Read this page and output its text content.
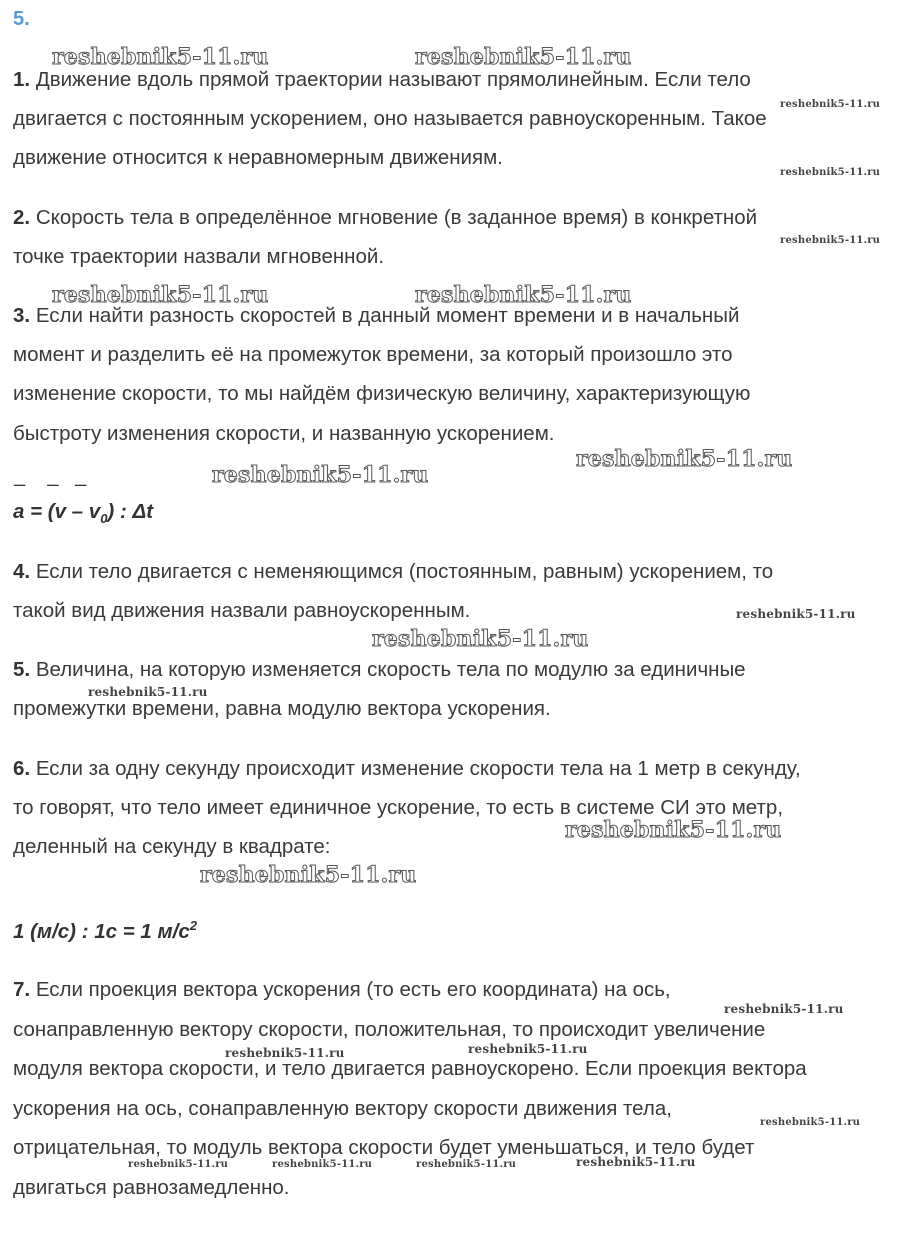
5.
1. Движение вдоль прямой траектории называют прямолинейным. Если тело
двигается с постоянным ускорением, оно называется равноускоренным. Такое
движение относится к неравномерным движениям.
2. Скорость тела в определённое мгновение (в заданное время) в конкретной
точке траектории назвали мгновенной.
3. Если найти разность скоростей в данный момент времени и в начальный
момент и разделить её на промежуток времени, за который произошло это
изменение скорости, то мы найдём физическую величину, характеризующую
быстроту изменения скорости, и названную ускорением.
_    _   _
$a = (v - v_0)$ : Δt
4. Если тело двигается с неменяющимся (постоянным, равным) ускорением, то
такой вид движения назвали равноускоренным.
5. Величина, на которую изменяется скорость тела по модулю за единичные
промежутки времени, равна модулю вектора ускорения.
6. Если за одну секунду происходит изменение скорости тела на 1 метр в секунду,
то говорят, что тело имеет единичное ускорение, то есть в системе СИ это метр,
деленный на секунду в квадрате:
1 (м/с) : 1с = 1 $м/с^2$
7. Если проекция вектора ускорения (то есть его координата) на ось,
сонаправленную вектору скорости, положительная, то происходит увеличение
модуля вектора скорости, и тело двигается равноускорено. Если проекция вектора
ускорения на ось, сонаправленную вектору скорости движения тела,
отрицательная, то модуль вектора скорости будет уменьшаться, и тело будет
двигаться равнозамедленно.
reshebnik5-11.ru	reshebnik5-11.ru
reshebnik5-11.ru
reshebnik5-11.ru
reshebnik5-11.ru
reshebnik5-11.ru	reshebnik5-11.ru
reshebnik5-11.ru
reshebnik5-11.ru
reshebnik5-11.ru
reshebnik5-11.ru
reshebnik5-11.ru
reshebnik5-11.ru
reshebnik5-11.ru
reshebnik5-11.ru
reshebnik5-11.ru
reshebnik5-11.ru
reshebnik5-11.ru
reshebnik5-11.ru	reshebnik5-11.ru	reshebnik5-11.ru	reshebnik5-11.ru
